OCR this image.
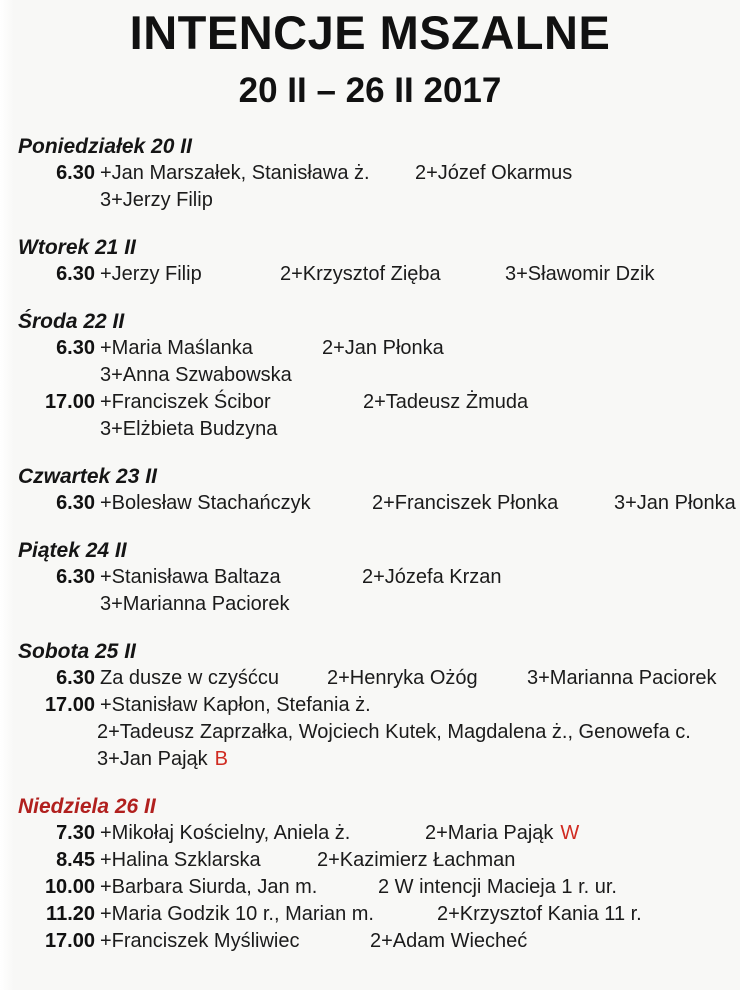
INTENCJE MSZALNE
20 II – 26 II 2017
Poniedziałek 20 II
6.30 +Jan Marszałek, Stanisława ż. 2+Józef Okarmus
3+Jerzy Filip
Wtorek 21 II
6.30 +Jerzy Filip	2+Krzysztof Zięba	3+Sławomir Dzik
Środa 22 II
6.30 +Maria Maślanka	2+Jan Płonka
3+Anna Szwabowska
17.00 +Franciszek Ścibor	2+Tadeusz Żmuda
3+Elżbieta Budzyna
Czwartek 23 II
6.30 +Bolesław Stachańczyk	2+Franciszek Płonka	3+Jan Płonka
Piątek 24 II
6.30 +Stanisława Baltaza	2+Józefa Krzan
3+Marianna Paciorek
Sobota 25 II
6.30 Za dusze w czyśćcu 2+Henryka Ożóg 3+Marianna Paciorek
17.00 +Stanisław Kapłon, Stefania ż.
2+Tadeusz Zaprzałka, Wojciech Kutek, Magdalena ż., Genowefa c.
3+Jan Pająk B
Niedziela 26 II
7.30 +Mikołaj Kościelny, Aniela ż.	2+Maria Pająk W
8.45 +Halina Szklarska	2+Kazimierz Łachman
10.00 +Barbara Siurda, Jan m.	2 W intencji Macieja 1 r. ur.
11.20 +Maria Godzik 10 r., Marian m.	2+Krzysztof Kania 11 r.
17.00 +Franciszek Myśliwiec	2+Adam Wiecheć
